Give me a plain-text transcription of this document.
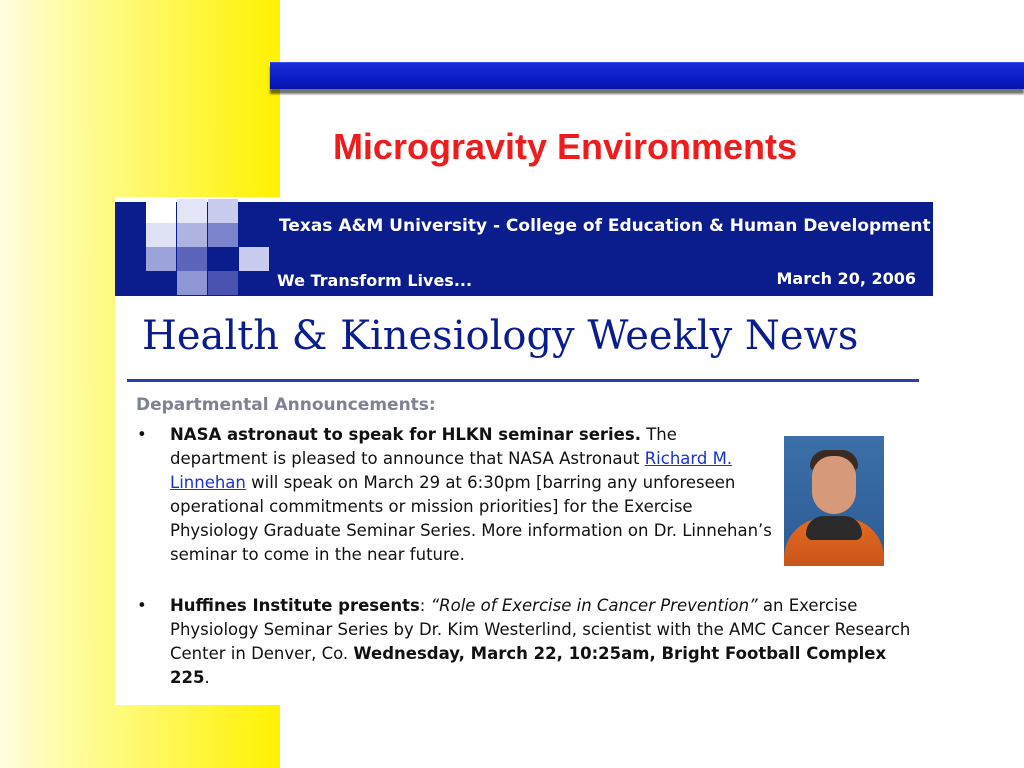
Microgravity Environments
Texas A&M University - College of Education & Human Development
We Transform Lives...	March 20, 2006
Health & Kinesiology Weekly News
Departmental Announcements:
•	NASA astronaut to speak for HLKN seminar series. The department is pleased to announce that NASA Astronaut Richard M. Linnehan will speak on March 29 at 6:30pm [barring any unforeseen operational commitments or mission priorities] for the Exercise Physiology Graduate Seminar Series. More information on Dr. Linnehan’s seminar to come in the near future.
•	Huffines Institute presents: “Role of Exercise in Cancer Prevention” an Exercise Physiology Seminar Series by Dr. Kim Westerlind, scientist with the AMC Cancer Research Center in Denver, Co. Wednesday, March 22, 10:25am, Bright Football Complex 225.
